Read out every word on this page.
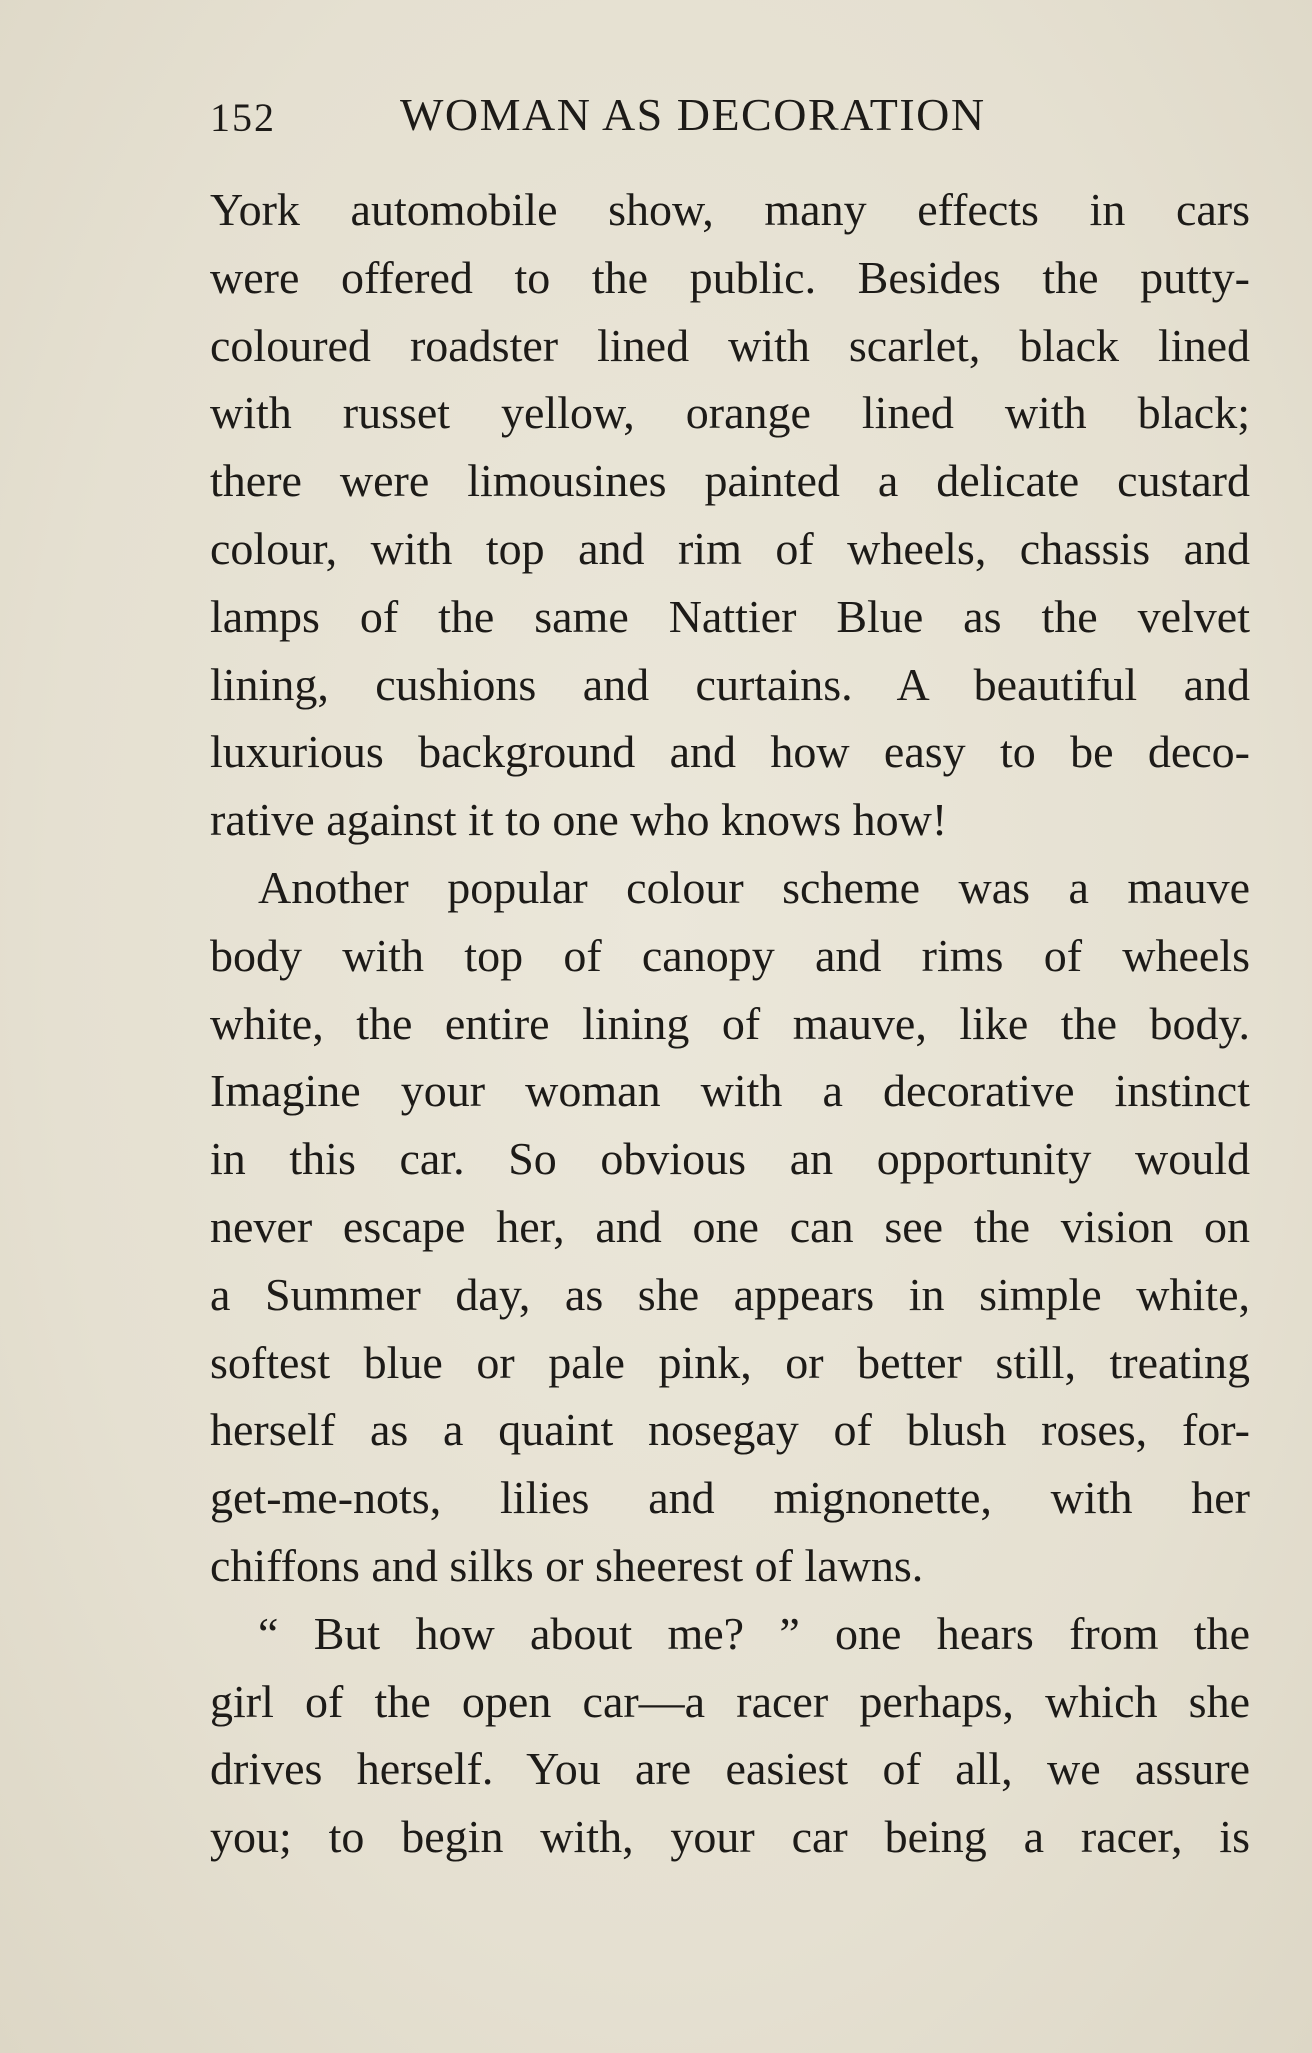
152	WOMAN AS DECORATION
York automobile show, many effects in cars
were offered to the public. Besides the putty-
coloured roadster lined with scarlet, black lined
with russet yellow, orange lined with black;
there were limousines painted a delicate custard
colour, with top and rim of wheels, chassis and
lamps of the same Nattier Blue as the velvet
lining, cushions and curtains. A beautiful and
luxurious background and how easy to be deco-
rative against it to one who knows how!
Another popular colour scheme was a mauve
body with top of canopy and rims of wheels
white, the entire lining of mauve, like the body.
Imagine your woman with a decorative instinct
in this car. So obvious an opportunity would
never escape her, and one can see the vision on
a Summer day, as she appears in simple white,
softest blue or pale pink, or better still, treating
herself as a quaint nosegay of blush roses, for-
get-me-nots, lilies and mignonette, with her
chiffons and silks or sheerest of lawns.
“ But how about me? ” one hears from the
girl of the open car—a racer perhaps, which she
drives herself. You are easiest of all, we assure
you; to begin with, your car being a racer, is
